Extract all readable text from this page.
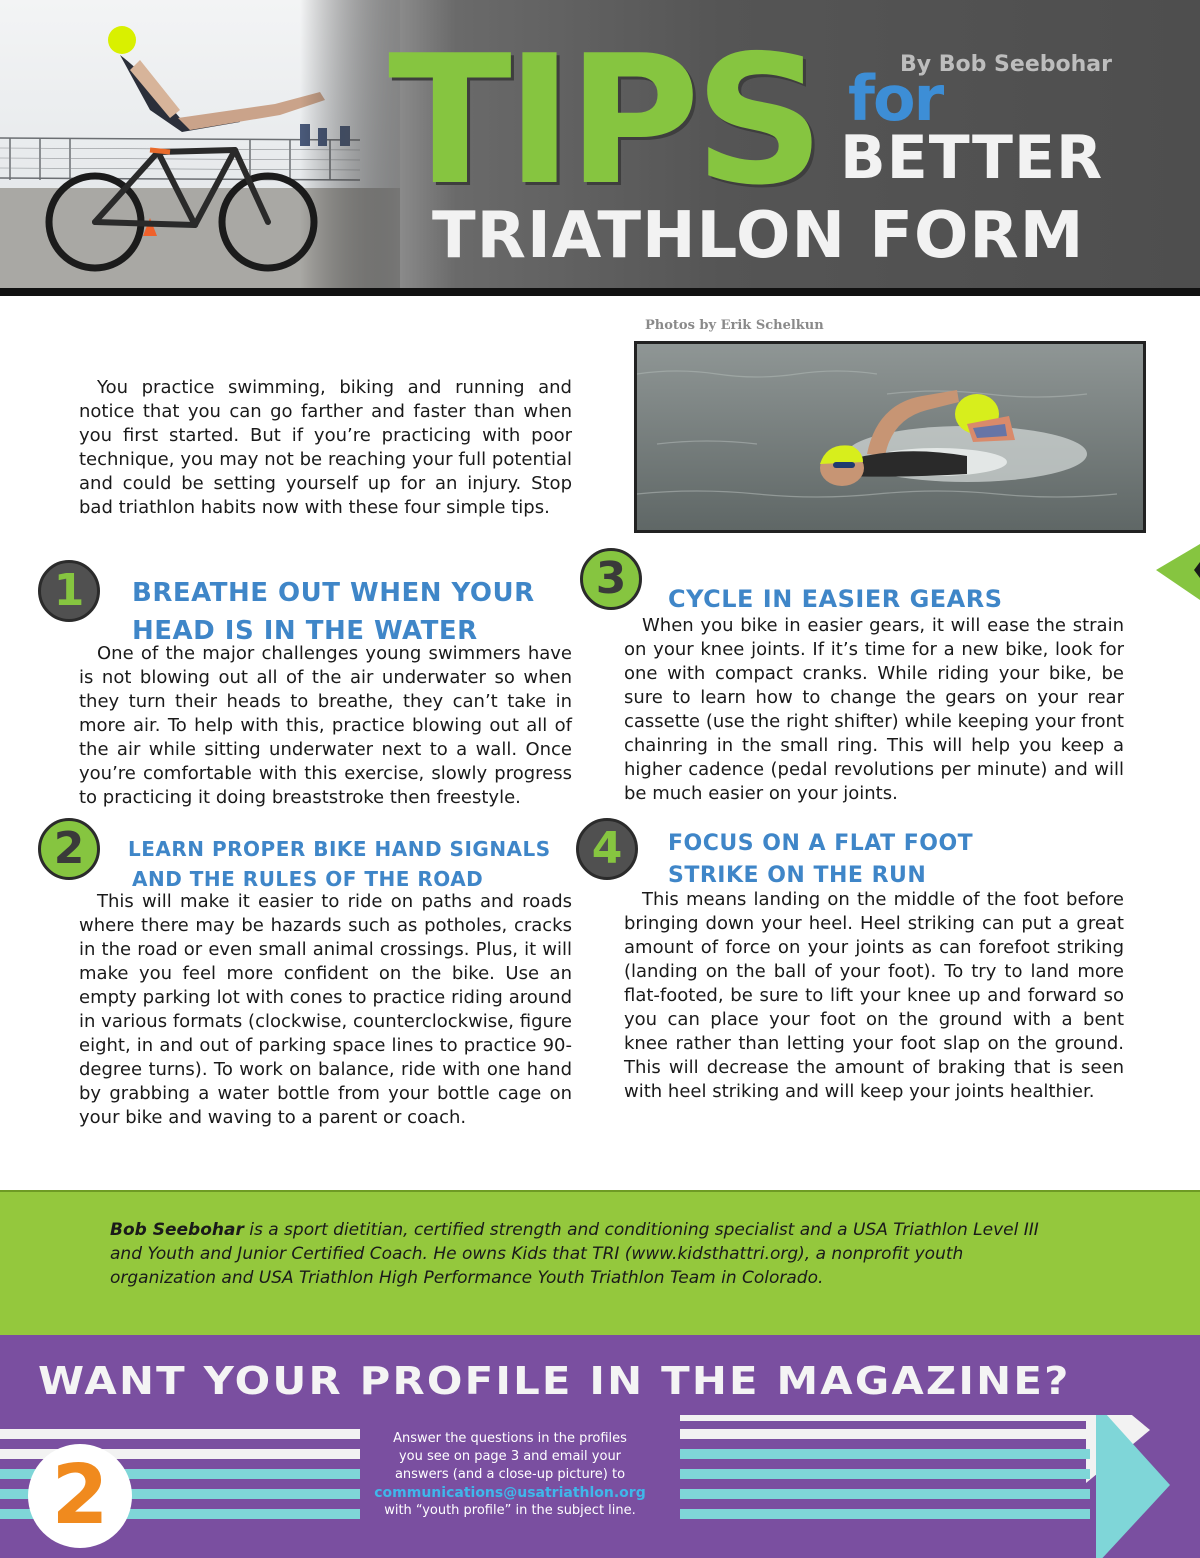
By Bob Seebohar
TIPS for
BETTER
TRIATHLON FORM
Photos by Erik Schelkun

You practice swimming, biking and running and notice that you can go farther and faster than when you first started. But if you’re practicing with poor technique, you may not be reaching your full potential and could be setting yourself up for an injury. Stop bad triathlon habits now with these four simple tips.

1 BREATHE OUT WHEN YOUR
HEAD IS IN THE WATER

One of the major challenges young swimmers have is not blowing out all of the air underwater so when they turn their heads to breathe, they can’t take in more air. To help with this, practice blowing out all of the air while sitting underwater next to a wall. Once you’re comfortable with this exercise, slowly progress to practicing it doing breaststroke then freestyle.

2 LEARN PROPER BIKE HAND SIGNALS
AND THE RULES OF THE ROAD

This will make it easier to ride on paths and roads where there may be hazards such as potholes, cracks in the road or even small animal crossings. Plus, it will make you feel more confident on the bike. Use an empty parking lot with cones to practice riding around in various formats (clockwise, counterclockwise, figure eight, in and out of parking space lines to practice 90-degree turns). To work on balance, ride with one hand by grabbing a water bottle from your bottle cage on your bike and waving to a parent or coach.

3 CYCLE IN EASIER GEARS

When you bike in easier gears, it will ease the strain on your knee joints. If it’s time for a new bike, look for one with compact cranks. While riding your bike, be sure to learn how to change the gears on your rear cassette (use the right shifter) while keeping your front chainring in the small ring. This will help you keep a higher cadence (pedal revolutions per minute) and will be much easier on your joints.

4 FOCUS ON A FLAT FOOT
STRIKE ON THE RUN

This means landing on the middle of the foot before bringing down your heel. Heel striking can put a great amount of force on your joints as can forefoot striking (landing on the ball of your foot). To try to land more flat-footed, be sure to lift your knee up and forward so you can place your foot on the ground with a bent knee rather than letting your foot slap on the ground. This will decrease the amount of braking that is seen with heel striking and will keep your joints healthier.

Bob Seebohar is a sport dietitian, certified strength and conditioning specialist and a USA Triathlon Level III and Youth and Junior Certified Coach. He owns Kids that TRI (www.kidsthattri.org), a nonprofit youth organization and USA Triathlon High Performance Youth Triathlon Team in Colorado.

WANT YOUR PROFILE IN THE MAGAZINE?
2
Answer the questions in the profiles
you see on page 3 and email your
answers (and a close-up picture) to
communications@usatriathlon.org
with “youth profile” in the subject line.
